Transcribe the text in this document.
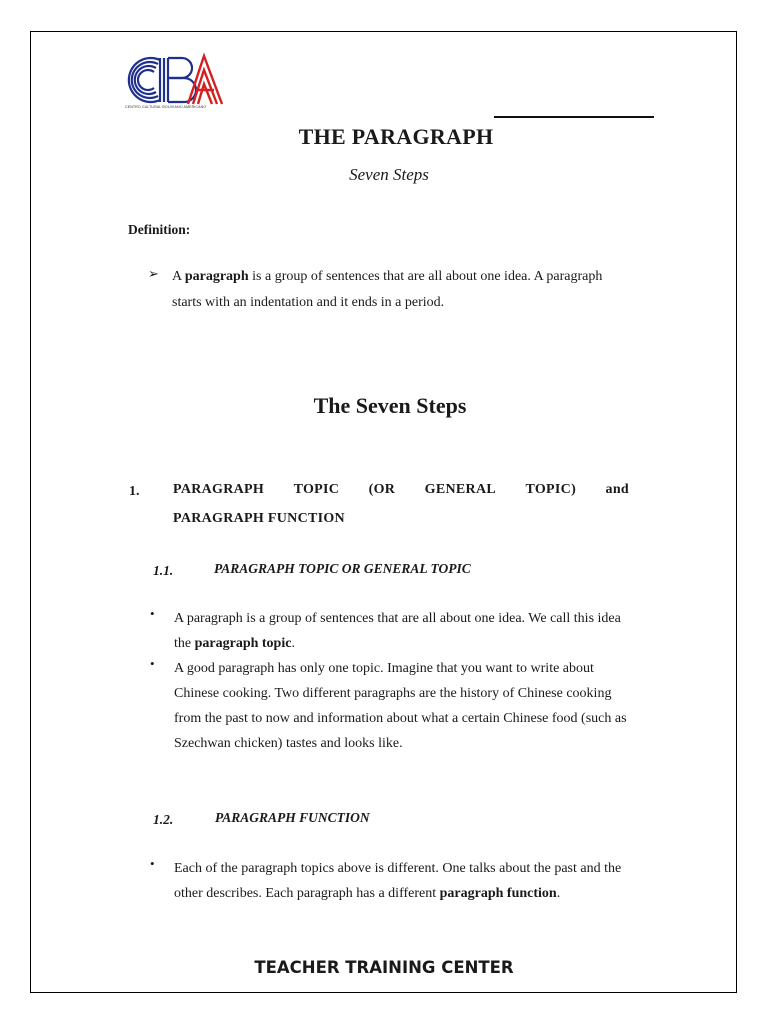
CENTRO CULTURAL BOLIVIANO AMERICANO
THE PARAGRAPH
Seven Steps
Definition:
➢ A paragraph is a group of sentences that are all about one idea. A paragraph starts with an indentation and it ends in a period.
The Seven Steps
1. PARAGRAPH TOPIC (OR GENERAL TOPIC) and
PARAGRAPH FUNCTION
1.1.	PARAGRAPH TOPIC OR GENERAL TOPIC
• A paragraph is a group of sentences that are all about one idea. We call this idea the paragraph topic.
• A good paragraph has only one topic. Imagine that you want to write about Chinese cooking. Two different paragraphs are the history of Chinese cooking from the past to now and information about what a certain Chinese food (such as Szechwan chicken) tastes and looks like.
1.2.	PARAGRAPH FUNCTION
• Each of the paragraph topics above is different. One talks about the past and the other describes. Each paragraph has a different paragraph function.
TEACHER TRAINING CENTER
